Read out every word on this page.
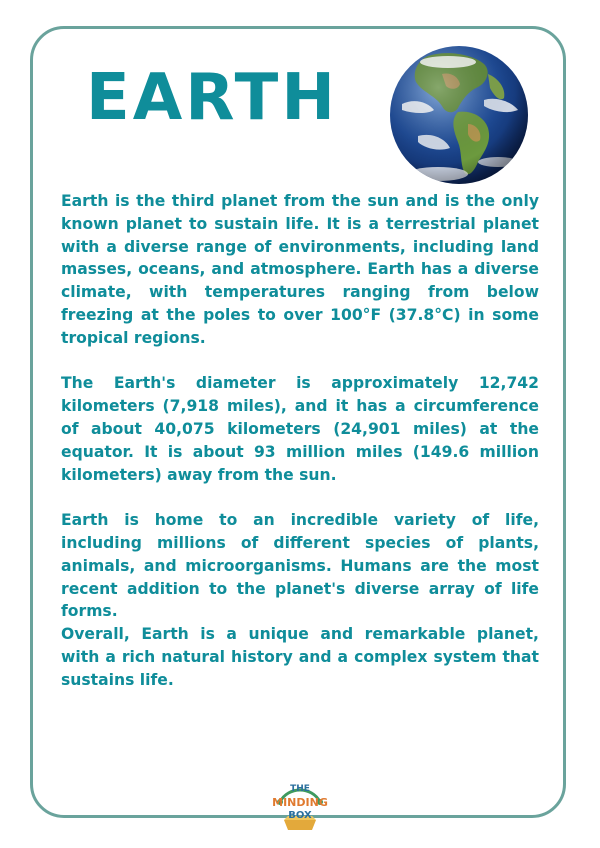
EARTH

Earth is the third planet from the sun and is the only known planet to sustain life. It is a terrestrial planet with a diverse range of environments, including land masses, oceans, and atmosphere. Earth has a diverse climate, with temperatures ranging from below freezing at the poles to over 100°F (37.8°C) in some tropical regions.

The Earth's diameter is approximately 12,742 kilometers (7,918 miles), and it has a circumference of about 40,075 kilometers (24,901 miles) at the equator. It is about 93 million miles (149.6 million kilometers) away from the sun.

Earth is home to an incredible variety of life, including millions of different species of plants, animals, and microorganisms. Humans are the most recent addition to the planet's diverse array of life forms.

Overall, Earth is a unique and remarkable planet, with a rich natural history and a complex system that sustains life.

THE
MINDING
BOX
